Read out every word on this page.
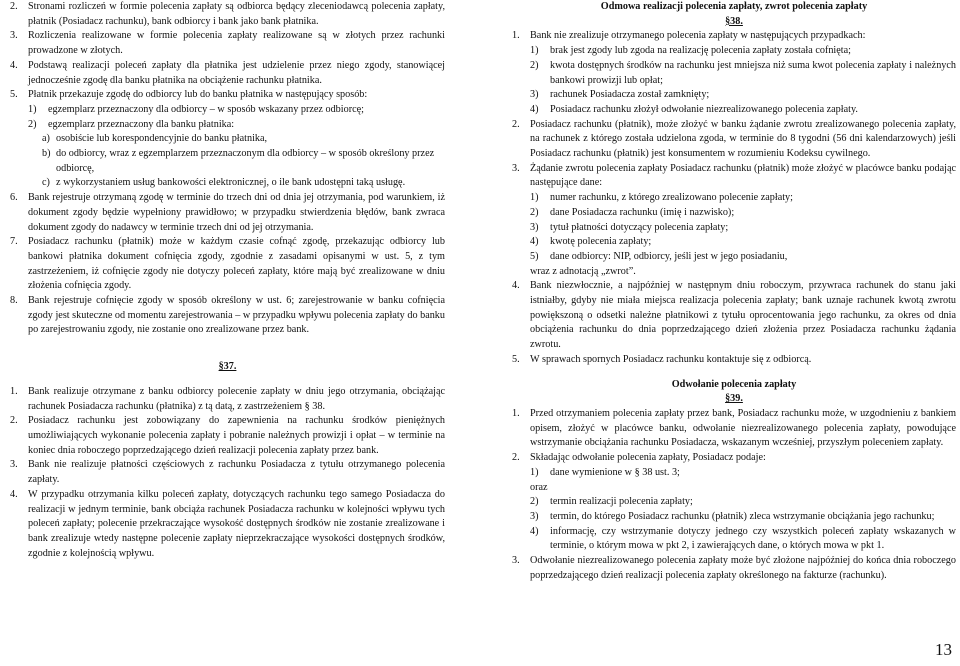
2.	Stronami rozliczeń w formie polecenia zapłaty są odbiorca będący zleceniodawcą polecenia zapłaty, płatnik (Posiadacz rachunku), bank odbiorcy i bank jako bank płatnika.
3.	Rozliczenia realizowane w formie polecenia zapłaty realizowane są w złotych przez rachunki prowadzone w złotych.
4.	Podstawą realizacji poleceń zapłaty dla płatnika jest udzielenie przez niego zgody, stanowiącej jednocześnie zgodę dla banku płatnika na obciążenie rachunku płatnika.
5.	Płatnik przekazuje zgodę do odbiorcy lub do banku płatnika w następujący sposób:
1)	egzemplarz przeznaczony dla odbiorcy – w sposób wskazany przez odbiorcę;
2)	egzemplarz przeznaczony dla banku płatnika:
a) osobiście lub korespondencyjnie do banku płatnika,
b) do odbiorcy, wraz z egzemplarzem przeznaczonym dla odbiorcy – w sposób określony przez odbiorcę,
c) z wykorzystaniem usług bankowości elektronicznej, o ile bank udostępni taką usługę.
6.	Bank rejestruje otrzymaną zgodę w terminie do trzech dni od dnia jej otrzymania, pod warunkiem, iż dokument zgody będzie wypełniony prawidłowo; w przypadku stwierdzenia błędów, bank zwraca dokument zgody do nadawcy w terminie trzech dni od jej otrzymania.
7.	Posiadacz rachunku (płatnik) może w każdym czasie cofnąć zgodę, przekazując odbiorcy lub bankowi płatnika dokument cofnięcia zgody, zgodnie z zasadami opisanymi w ust. 5, z tym zastrzeżeniem, iż cofnięcie zgody nie dotyczy poleceń zapłaty, które mają być zrealizowane w dniu złożenia cofnięcia zgody.
8.	Bank rejestruje cofnięcie zgody w sposób określony w ust. 6; zarejestrowanie w banku cofnięcia zgody jest skuteczne od momentu zarejestrowania – w przypadku wpływu polecenia zapłaty do banku po zarejestrowaniu zgody, nie zostanie ono zrealizowane przez bank.
§37.
1.	Bank realizuje otrzymane z banku odbiorcy polecenie zapłaty w dniu jego otrzymania, obciążając rachunek Posiadacza rachunku (płatnika) z tą datą, z zastrzeżeniem § 38.
2.	Posiadacz rachunku jest zobowiązany do zapewnienia na rachunku środków pieniężnych umożliwiających wykonanie polecenia zapłaty i pobranie należnych prowizji i opłat – w terminie na koniec dnia roboczego poprzedzającego dzień realizacji polecenia zapłaty przez bank.
3.	Bank nie realizuje płatności częściowych z rachunku Posiadacza z tytułu otrzymanego polecenia zapłaty.
4.	W przypadku otrzymania kilku poleceń zapłaty, dotyczących rachunku tego samego Posiadacza do realizacji w jednym terminie, bank obciąża rachunek Posiadacza rachunku w kolejności wpływu tych poleceń zapłaty; polecenie przekraczające wysokość dostępnych środków nie zostanie zrealizowane i bank zrealizuje wtedy następne polecenie zapłaty nieprzekraczające wysokości dostępnych środków, zgodnie z kolejnością wpływu.
Odmowa realizacji polecenia zapłaty, zwrot polecenia zapłaty
§38.
1.	Bank nie zrealizuje otrzymanego polecenia zapłaty w następujących przypadkach:
1)	brak jest zgody lub zgoda na realizację polecenia zapłaty została cofnięta;
2)	kwota dostępnych środków na rachunku jest mniejsza niż suma kwot polecenia zapłaty i należnych bankowi prowizji lub opłat;
3)	rachunek Posiadacza został zamknięty;
4)	Posiadacz rachunku złożył odwołanie niezrealizowanego polecenia zapłaty.
2.	Posiadacz rachunku (płatnik), może złożyć w banku żądanie zwrotu zrealizowanego polecenia zapłaty, na rachunek z którego została udzielona zgoda, w terminie do 8 tygodni (56 dni kalendarzowych) jeśli Posiadacz rachunku (płatnik) jest konsumentem w rozumieniu Kodeksu cywilnego.
3.	Żądanie zwrotu polecenia zapłaty Posiadacz rachunku (płatnik) może złożyć w placówce banku podając następujące dane:
1)	numer rachunku, z którego zrealizowano polecenie zapłaty;
2)	dane Posiadacza rachunku (imię i nazwisko);
3)	tytuł płatności dotyczący polecenia zapłaty;
4)	kwotę polecenia zapłaty;
5)	dane odbiorcy: NIP, odbiorcy, jeśli jest w jego posiadaniu,
wraz z adnotacją „zwrot”.
4.	Bank niezwłocznie, a najpóźniej w następnym dniu roboczym, przywraca rachunek do stanu jaki istniałby, gdyby nie miała miejsca realizacja polecenia zapłaty; bank uznaje rachunek kwotą zwrotu powiększoną o odsetki należne płatnikowi z tytułu oprocentowania jego rachunku, za okres od dnia obciążenia rachunku do dnia poprzedzającego dzień złożenia przez Posiadacza rachunku żądania zwrotu.
5.	W sprawach spornych Posiadacz rachunku kontaktuje się z odbiorcą.
Odwołanie polecenia zapłaty
§39.
1.	Przed otrzymaniem polecenia zapłaty przez bank, Posiadacz rachunku może, w uzgodnieniu z bankiem opisem, złożyć w placówce banku, odwołanie niezrealizowanego polecenia zapłaty, powodujące wstrzymanie obciążania rachunku Posiadacza, wskazanym wcześniej, przyszłym poleceniem zapłaty.
2.	Składając odwołanie polecenia zapłaty, Posiadacz podaje:
1)	dane wymienione w § 38 ust. 3;
oraz
2)	termin realizacji polecenia zapłaty;
3)	termin, do którego Posiadacz rachunku (płatnik) zleca wstrzymanie obciążania jego rachunku;
4)	informację, czy wstrzymanie dotyczy jednego czy wszystkich poleceń zapłaty wskazanych w terminie, o którym mowa w pkt 2, i zawierających dane, o których mowa w pkt 1.
3.	Odwołanie niezrealizowanego polecenia zapłaty może być złożone najpóźniej do końca dnia roboczego poprzedzającego dzień realizacji polecenia zapłaty określonego na fakturze (rachunku).
13
